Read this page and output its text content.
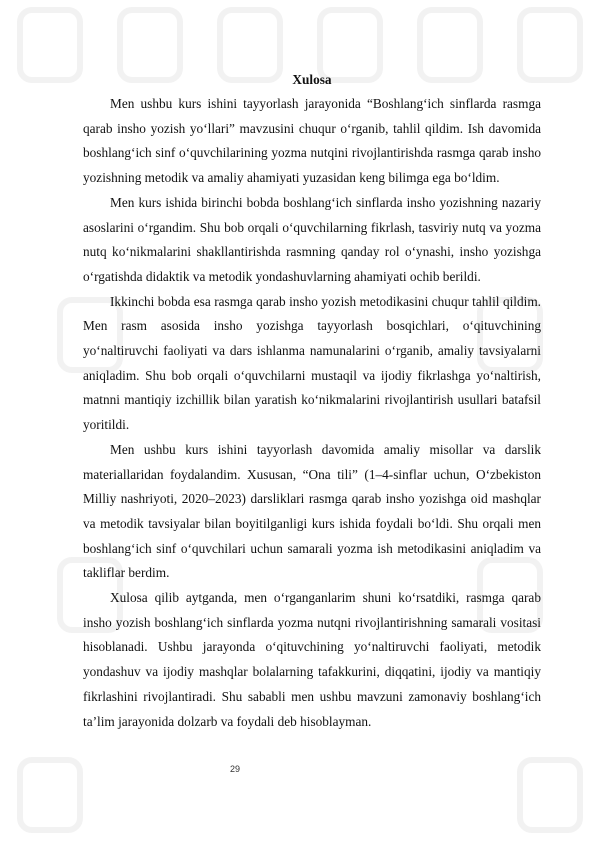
Xulosa

Men ushbu kurs ishini tayyorlash jarayonida “Boshlang‘ich sinflarda rasmga qarab insho yozish yo‘llari” mavzusini chuqur o‘rganib, tahlil qildim. Ish davomida boshlang‘ich sinf o‘quvchilarining yozma nutqini rivojlantirishda rasmga qarab insho yozishning metodik va amaliy ahamiyati yuzasidan keng bilimga ega bo‘ldim.

Men kurs ishida birinchi bobda boshlang‘ich sinflarda insho yozishning nazariy asoslarini o‘rgandim. Shu bob orqali o‘quvchilarning fikrlash, tasviriy nutq va yozma nutq ko‘nikmalarini shakllantirishda rasmning qanday rol o‘ynashi, insho yozishga o‘rgatishda didaktik va metodik yondashuvlarning ahamiyati ochib berildi.

Ikkinchi bobda esa rasmga qarab insho yozish metodikasini chuqur tahlil qildim. Men rasm asosida insho yozishga tayyorlash bosqichlari, o‘qituvchining yo‘naltiruvchi faoliyati va dars ishlanma namunalarini o‘rganib, amaliy tavsiyalarni aniqladim. Shu bob orqali o‘quvchilarni mustaqil va ijodiy fikrlashga yo‘naltirish, matnni mantiqiy izchillik bilan yaratish ko‘nikmalarini rivojlantirish usullari batafsil yoritildi.

Men ushbu kurs ishini tayyorlash davomida amaliy misollar va darslik materiallaridan foydalandim. Xususan, “Ona tili” (1–4-sinflar uchun, O‘zbekiston Milliy nashriyoti, 2020–2023) darsliklari rasmga qarab insho yozishga oid mashqlar va metodik tavsiyalar bilan boyitilganligi kurs ishida foydali bo‘ldi. Shu orqali men boshlang‘ich sinf o‘quvchilari uchun samarali yozma ish metodikasini aniqladim va takliflar berdim.

Xulosa qilib aytganda, men o‘rganganlarim shuni ko‘rsatdiki, rasmga qarab insho yozish boshlang‘ich sinflarda yozma nutqni rivojlantirishning samarali vositasi hisoblanadi. Ushbu jarayonda o‘qituvchining yo‘naltiruvchi faoliyati, metodik yondashuv va ijodiy mashqlar bolalarning tafakkurini, diqqatini, ijodiy va mantiqiy fikrlashini rivojlantiradi. Shu sababli men ushbu mavzuni zamonaviy boshlang‘ich ta’lim jarayonida dolzarb va foydali deb hisoblayman.

29
